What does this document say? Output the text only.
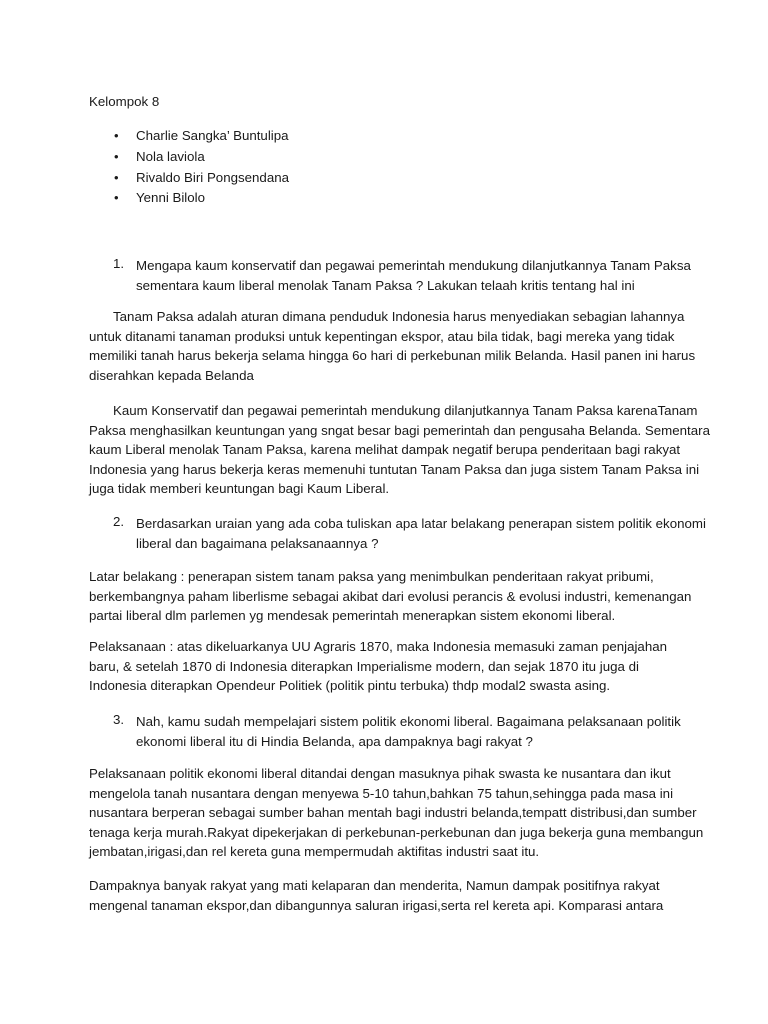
Kelompok 8
• Charlie Sangka’ Buntulipa
• Nola laviola
• Rivaldo Biri Pongsendana
• Yenni Bilolo
1. Mengapa kaum konservatif dan pegawai pemerintah mendukung dilanjutkannya Tanam Paksa
sementara kaum liberal menolak Tanam Paksa ? Lakukan telaah kritis tentang hal ini
Tanam Paksa adalah aturan dimana penduduk Indonesia harus menyediakan sebagian lahannya
untuk ditanami tanaman produksi untuk kepentingan ekspor, atau bila tidak, bagi mereka yang tidak
memiliki tanah harus bekerja selama hingga 6o hari di perkebunan milik Belanda. Hasil panen ini harus
diserahkan kepada Belanda
Kaum Konservatif dan pegawai pemerintah mendukung dilanjutkannya Tanam Paksa karenaTanam
Paksa menghasilkan keuntungan yang sngat besar bagi pemerintah dan pengusaha Belanda. Sementara
kaum Liberal menolak Tanam Paksa, karena melihat dampak negatif berupa penderitaan bagi rakyat
Indonesia yang harus bekerja keras memenuhi tuntutan Tanam Paksa dan juga sistem Tanam Paksa ini
juga tidak memberi keuntungan bagi Kaum Liberal.
2. Berdasarkan uraian yang ada coba tuliskan apa latar belakang penerapan sistem politik ekonomi
liberal dan bagaimana pelaksanaannya ?
Latar belakang : penerapan sistem tanam paksa yang menimbulkan penderitaan rakyat pribumi,
berkembangnya paham liberlisme sebagai akibat dari evolusi perancis & evolusi industri, kemenangan
partai liberal dlm parlemen yg mendesak pemerintah menerapkan sistem ekonomi liberal.
Pelaksanaan : atas dikeluarkanya UU Agraris 1870, maka Indonesia memasuki zaman penjajahan
baru, & setelah 1870 di Indonesia diterapkan Imperialisme modern, dan sejak 1870 itu juga di
Indonesia diterapkan Opendeur Politiek (politik pintu terbuka) thdp modal2 swasta asing.
3. Nah, kamu sudah mempelajari sistem politik ekonomi liberal. Bagaimana pelaksanaan politik
ekonomi liberal itu di Hindia Belanda, apa dampaknya bagi rakyat ?
Pelaksanaan politik ekonomi liberal ditandai dengan masuknya pihak swasta ke nusantara dan ikut
mengelola tanah nusantara dengan menyewa 5-10 tahun,bahkan 75 tahun,sehingga pada masa ini
nusantara berperan sebagai sumber bahan mentah bagi industri belanda,tempatt distribusi,dan sumber
tenaga kerja murah.Rakyat dipekerjakan di perkebunan-perkebunan dan juga bekerja guna membangun
jembatan,irigasi,dan rel kereta guna mempermudah aktifitas industri saat itu.
Dampaknya banyak rakyat yang mati kelaparan dan menderita, Namun dampak positifnya rakyat
mengenal tanaman ekspor,dan dibangunnya saluran irigasi,serta rel kereta api. Komparasi antara
